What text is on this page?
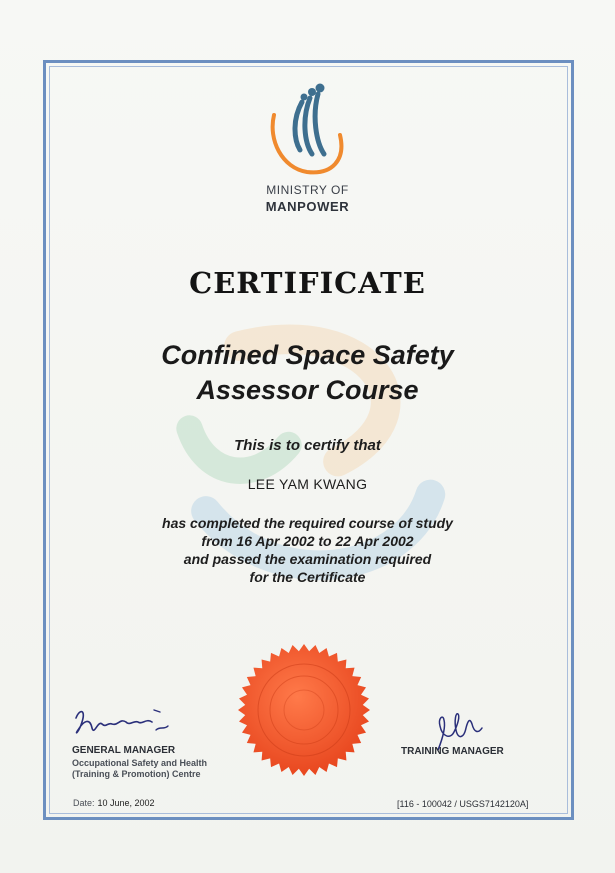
MINISTRY OF
MANPOWER
CERTIFICATE
Confined Space Safety
Assessor Course
This is to certify that
LEE YAM KWANG
has completed the required course of study
from 16 Apr 2002 to 22 Apr 2002
and passed the examination required
for the Certificate
GENERAL MANAGER
Occupational Safety and Health
(Training & Promotion) Centre
TRAINING MANAGER
Date: 10 June, 2002	[116 - 100042 / USGS7142120A]
